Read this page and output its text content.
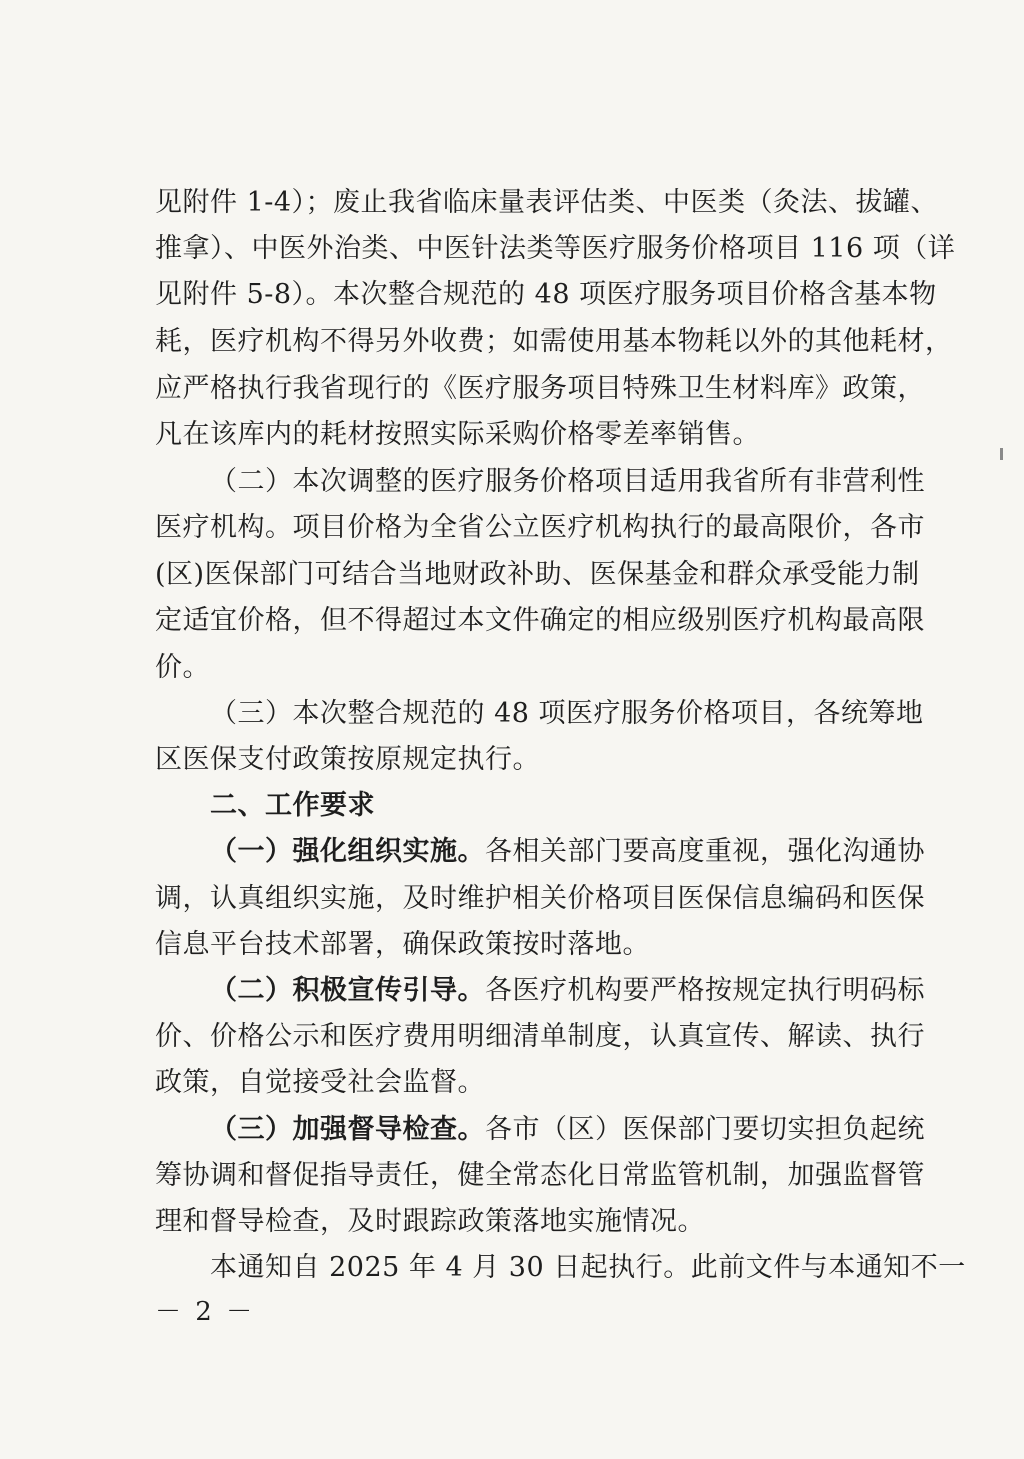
见附件 1-4）；废止我省临床量表评估类、中医类（灸法、拔罐、
推拿）、中医外治类、中医针法类等医疗服务价格项目 116 项（详
见附件 5-8）。本次整合规范的 48 项医疗服务项目价格含基本物
耗，医疗机构不得另外收费；如需使用基本物耗以外的其他耗材，
应严格执行我省现行的《医疗服务项目特殊卫生材料库》政策，
凡在该库内的耗材按照实际采购价格零差率销售。
（二）本次调整的医疗服务价格项目适用我省所有非营利性
医疗机构。项目价格为全省公立医疗机构执行的最高限价，各市
(区)医保部门可结合当地财政补助、医保基金和群众承受能力制
定适宜价格，但不得超过本文件确定的相应级别医疗机构最高限
价。
（三）本次整合规范的 48 项医疗服务价格项目，各统筹地
区医保支付政策按原规定执行。
二、工作要求
（一）强化组织实施。各相关部门要高度重视，强化沟通协
调，认真组织实施，及时维护相关价格项目医保信息编码和医保
信息平台技术部署，确保政策按时落地。
（二）积极宣传引导。各医疗机构要严格按规定执行明码标
价、价格公示和医疗费用明细清单制度，认真宣传、解读、执行
政策，自觉接受社会监督。
（三）加强督导检查。各市（区）医保部门要切实担负起统
筹协调和督促指导责任，健全常态化日常监管机制，加强监督管
理和督导检查，及时跟踪政策落地实施情况。
本通知自 2025 年 4 月 30 日起执行。此前文件与本通知不一
－ 2 －
